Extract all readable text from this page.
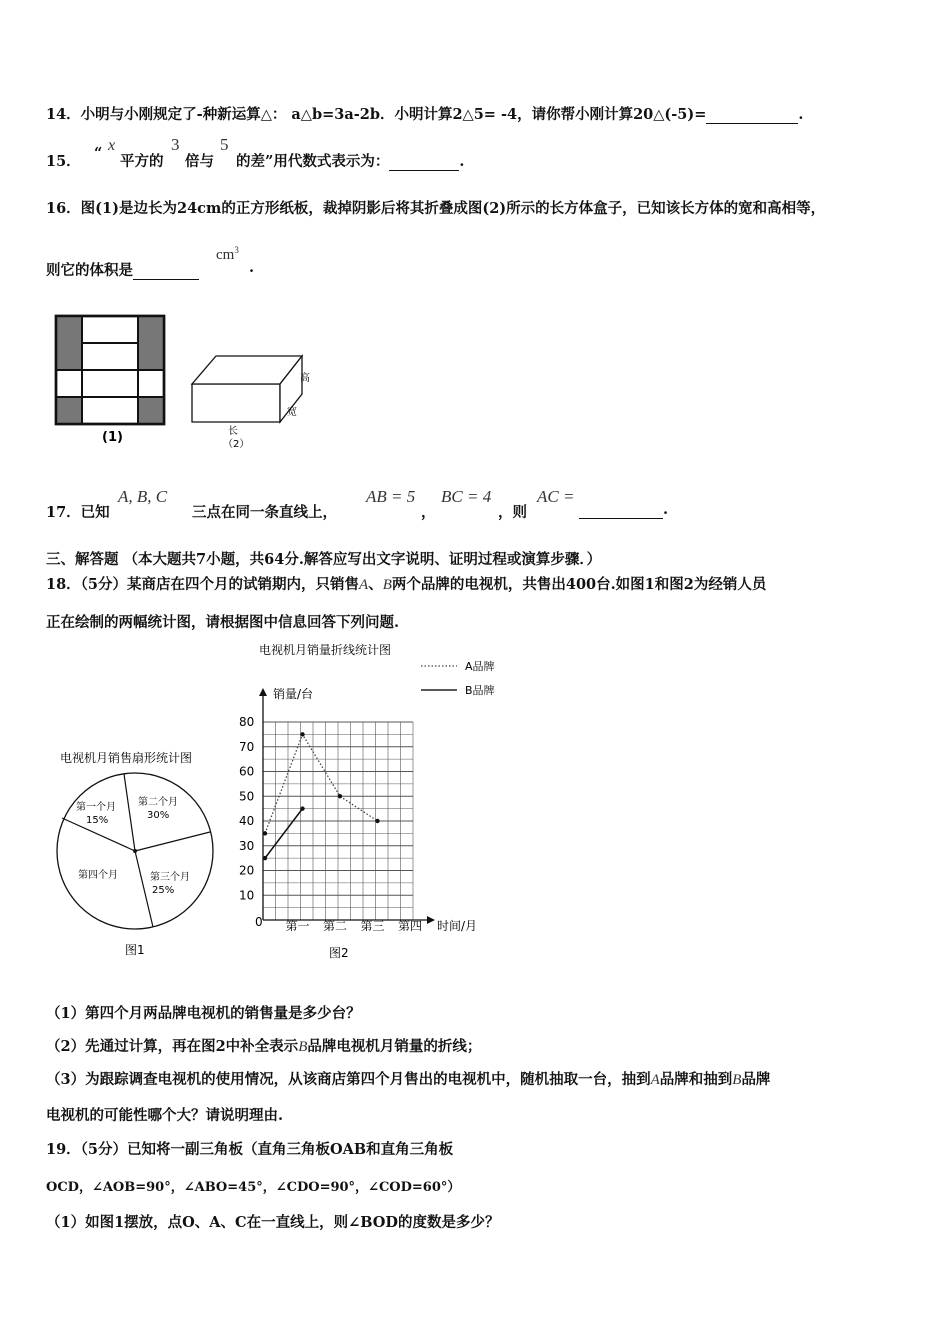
14．小明与小刚规定了-种新运算△： a△b=3a-2b．小明计算2△5= -4，请你帮小刚计算20△(-5)=	.
15． “ x
平方的
3
倍与
5
的差”用代数式表示为：	.
16．图(1)是边长为24cm的正方形纸板，裁掉阴影后将其折叠成图(2)所示的长方体盒子，已知该长方体的宽和高相等，
则它的体积是
$cm^3$
.
(1)	长
（2）
高
宽
17．已知
A, B, C
三点在同一条直线上，
AB = 5
，
BC = 4
，则
AC =
.
三、解答题 （本大题共7小题，共64分.解答应写出文字说明、证明过程或演算步骤．）
18．（5分）某商店在四个月的试销期内，只销售A、B两个品牌的电视机，共售出400台.如图1和图2为经销人员
正在绘制的两幅统计图，请根据图中信息回答下列问题.
电视机月销售扇形统计图
第一个月
15%
第二个月
30%
第三个月
25%
第四个月
图1
电视机月销量折线统计图
A品牌
B品牌
销量/台
时间/月
图2
80
70
60
50
40
30
20
10
0 第一 第二 第三 第四
（1）第四个月两品牌电视机的销售量是多少台？
（2）先通过计算，再在图2中补全表示B品牌电视机月销量的折线；
（3）为跟踪调查电视机的使用情况，从该商店第四个月售出的电视机中，随机抽取一台，抽到A品牌和抽到B品牌
电视机的可能性哪个大？请说明理由.
19．（5分）已知将一副三角板（直角三角板OAB和直角三角板
OCD，∠AOB=90°，∠ABO=45°，∠CDO=90°，∠COD=60°）
（1）如图1摆放，点O、A、C在一直线上，则∠BOD的度数是多少？
